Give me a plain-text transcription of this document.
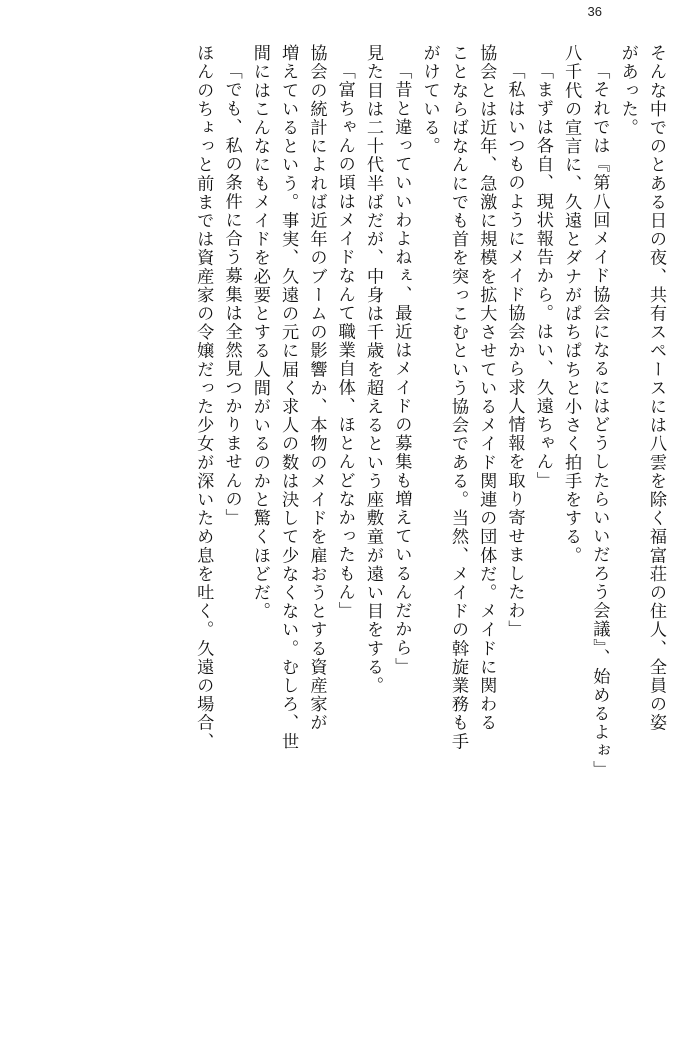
36
そんな中でのとある日の夜、共有スペースには八雲を除く福富荘の住人、全員の姿
があった。
「それでは『第八回メイド協会になるにはどうしたらいいだろう会議』、始めるよぉ」
八千代の宣言に、久遠とダナがぱちぱちと小さく拍手をする。
「まずは各自、現状報告から。はい、久遠ちゃん」
「私はいつものようにメイド協会から求人情報を取り寄せましたわ」
協会とは近年、急激に規模を拡大させているメイド関連の団体だ。メイドに関わる
ことならばなんにでも首を突っこむという協会である。当然、メイドの斡旋業務も手
がけている。
「昔と違っていいわよねぇ、最近はメイドの募集も増えているんだから」
見た目は二十代半ばだが、中身は千歳を超えるという座敷童が遠い目をする。
「富ちゃんの頃はメイドなんて職業自体、ほとんどなかったもん」
協会の統計によれば近年のブームの影響か、本物のメイドを雇おうとする資産家が
増えているという。事実、久遠の元に届く求人の数は決して少なくない。むしろ、世
間にはこんなにもメイドを必要とする人間がいるのかと驚くほどだ。
「でも、私の条件に合う募集は全然見つかりませんの」
ほんのちょっと前までは資産家の令嬢だった少女が深いため息を吐く。久遠の場合、
